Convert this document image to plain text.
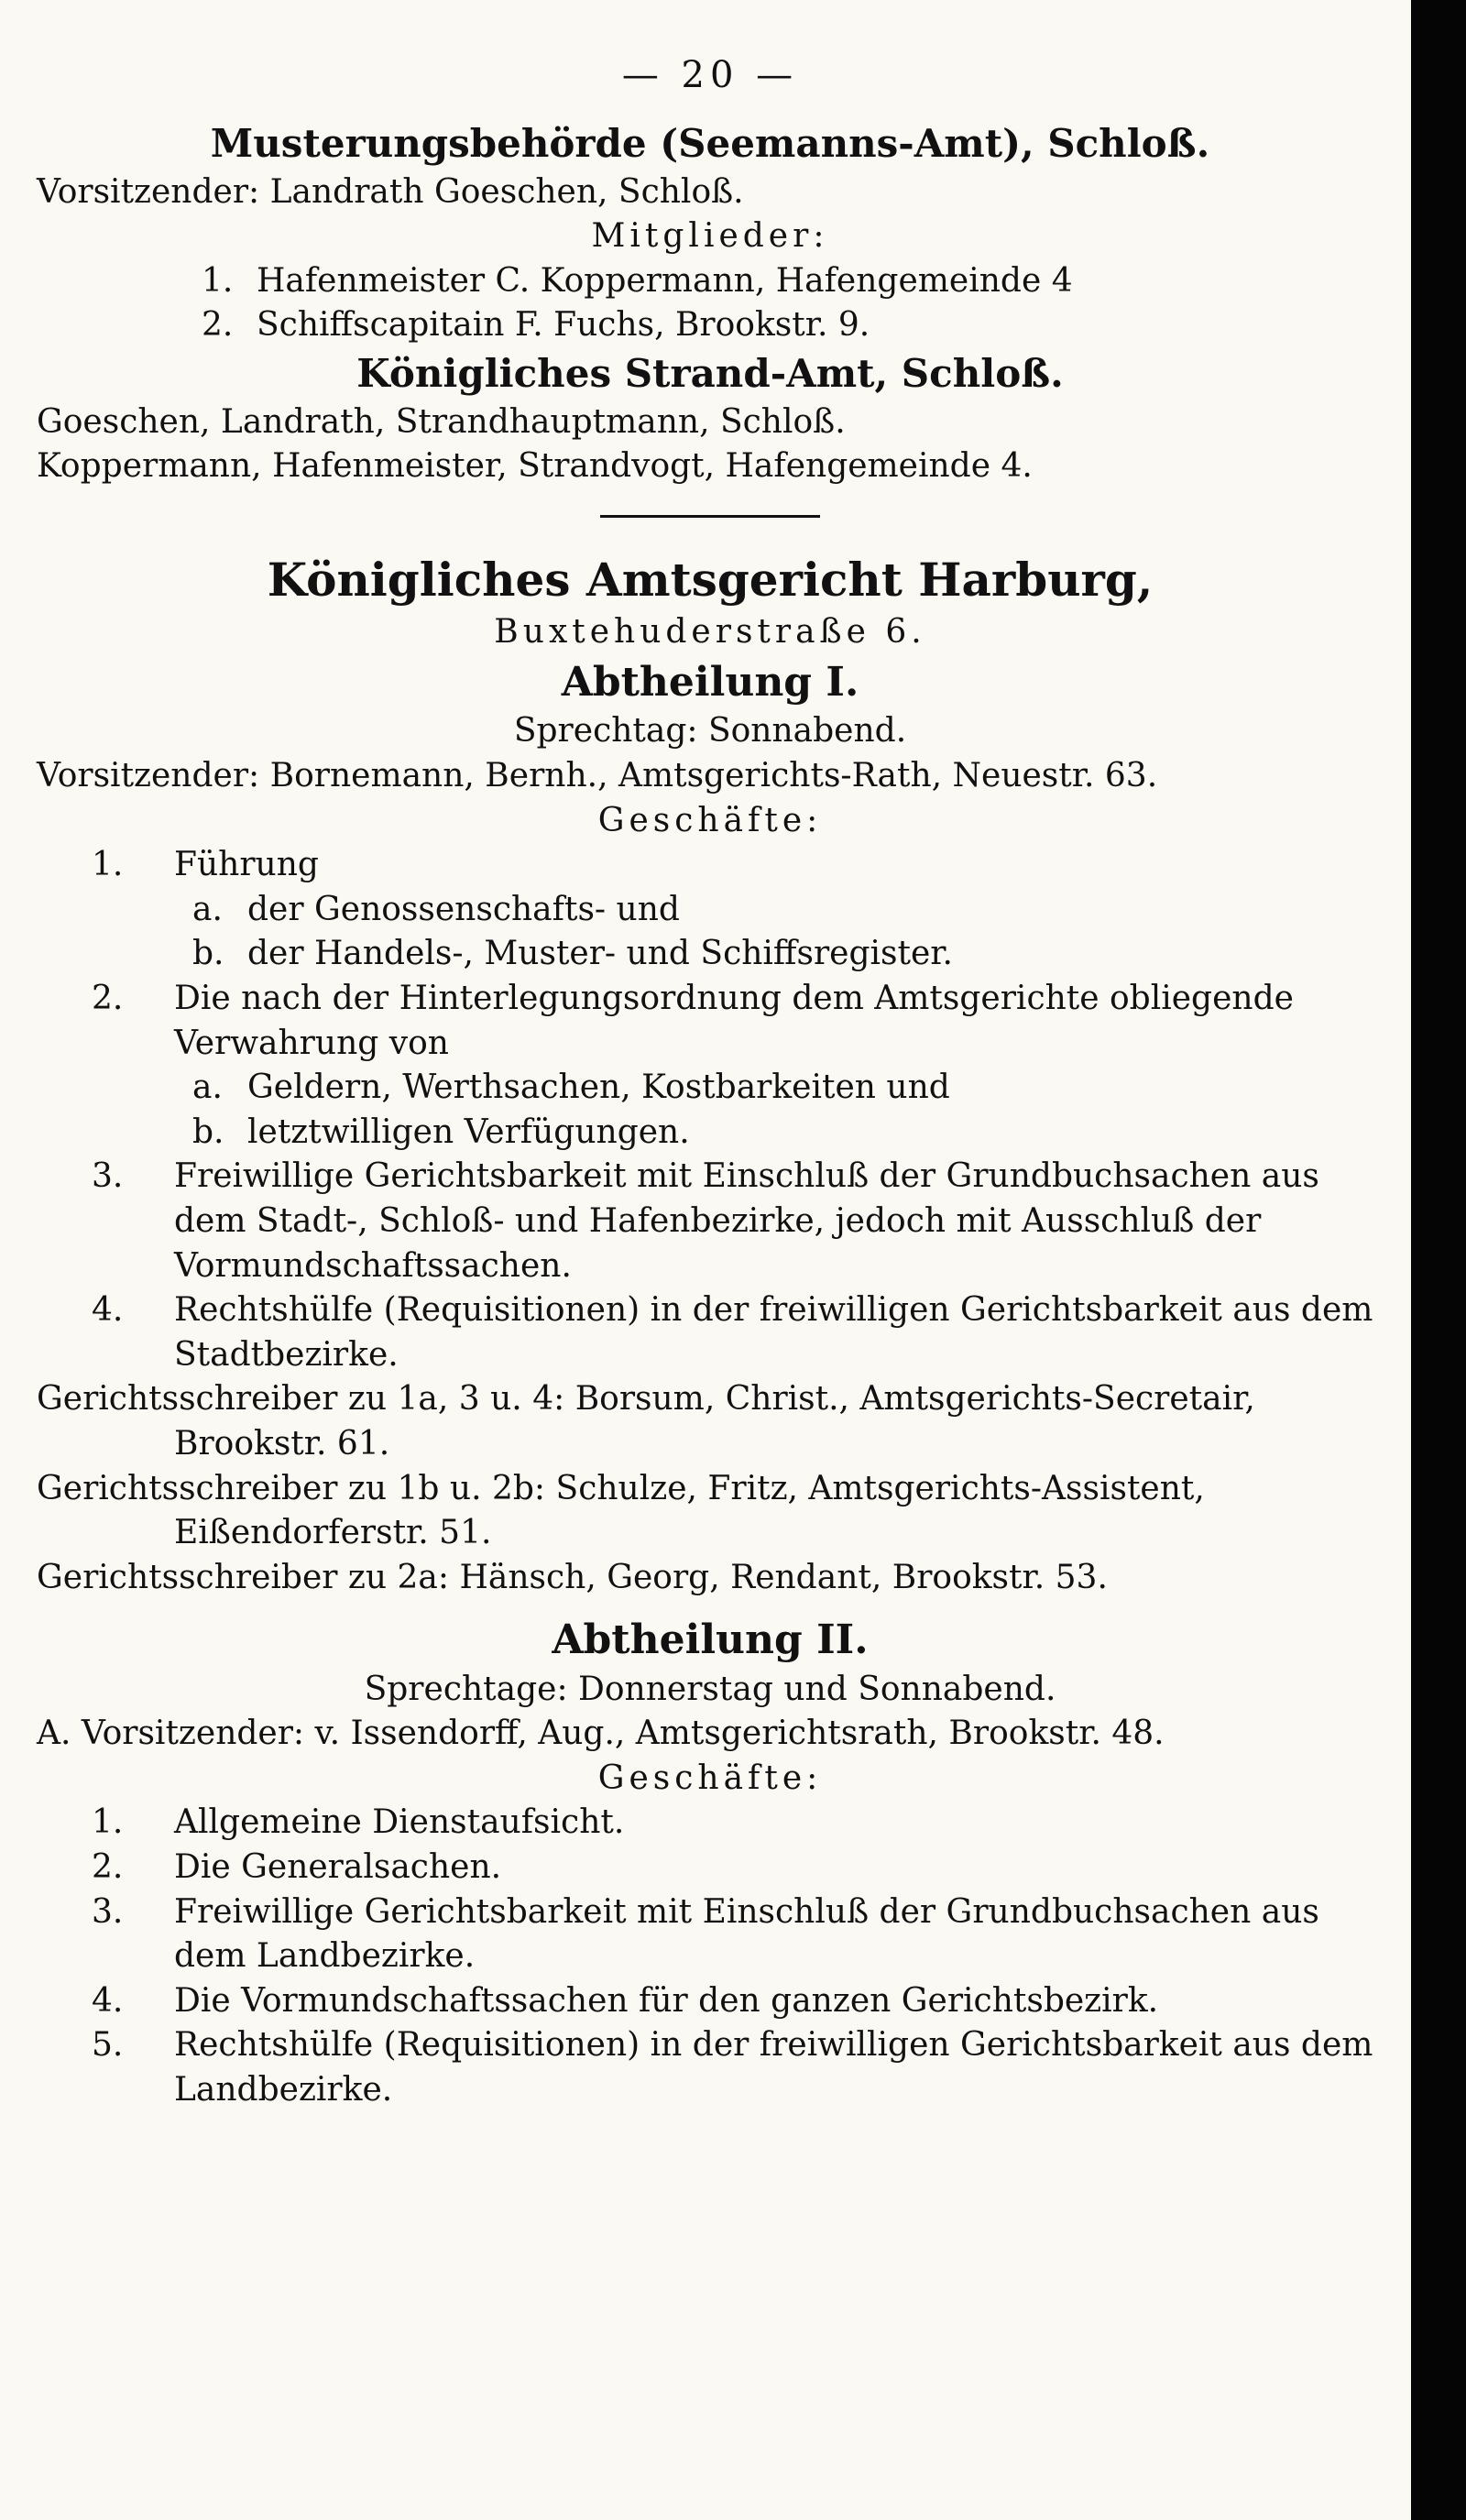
— 20 —
Musterungsbehörde (Seemanns-Amt), Schloß.
Vorsitzender: Landrath Goeschen, Schloß.
Mitglieder:
1. Hafenmeister C. Koppermann, Hafengemeinde 4
2. Schiffscapitain F. Fuchs, Brookstr. 9.
Königliches Strand-Amt, Schloß.
Goeschen, Landrath, Strandhauptmann, Schloß.
Koppermann, Hafenmeister, Strandvogt, Hafengemeinde 4.
Königliches Amtsgericht Harburg,
Buxtehuderstraße 6.
Abtheilung I.
Sprechtag: Sonnabend.
Vorsitzender: Bornemann, Bernh., Amtsgerichts-Rath, Neuestr. 63.
Geschäfte:
1.	Führung
a. der Genossenschafts- und
b. der Handels-, Muster- und Schiffsregister.
2.	Die nach der Hinterlegungsordnung dem Amtsgerichte obliegende Verwahrung von
a. Geldern, Werthsachen, Kostbarkeiten und
b. letztwilligen Verfügungen.
3.	Freiwillige Gerichtsbarkeit mit Einschluß der Grundbuchsachen aus dem Stadt-, Schloß- und Hafenbezirke, jedoch mit Ausschluß der Vormundschaftssachen.
4.	Rechtshülfe (Requisitionen) in der freiwilligen Gerichtsbarkeit aus dem Stadtbezirke.
Gerichtsschreiber zu 1a, 3 u. 4: Borsum, Christ., Amtsgerichts-Secretair,
Brookstr. 61.
Gerichtsschreiber zu 1b u. 2b: Schulze, Fritz, Amtsgerichts-Assistent,
Eißendorferstr. 51.
Gerichtsschreiber zu 2a: Hänsch, Georg, Rendant, Brookstr. 53.
Abtheilung II.
Sprechtage: Donnerstag und Sonnabend.
A. Vorsitzender: v. Issendorff, Aug., Amtsgerichtsrath, Brookstr. 48.
Geschäfte:
1.	Allgemeine Dienstaufsicht.
2.	Die Generalsachen.
3.	Freiwillige Gerichtsbarkeit mit Einschluß der Grundbuchsachen aus dem Landbezirke.
4.	Die Vormundschaftssachen für den ganzen Gerichtsbezirk.
5.	Rechtshülfe (Requisitionen) in der freiwilligen Gerichtsbarkeit aus dem Landbezirke.
